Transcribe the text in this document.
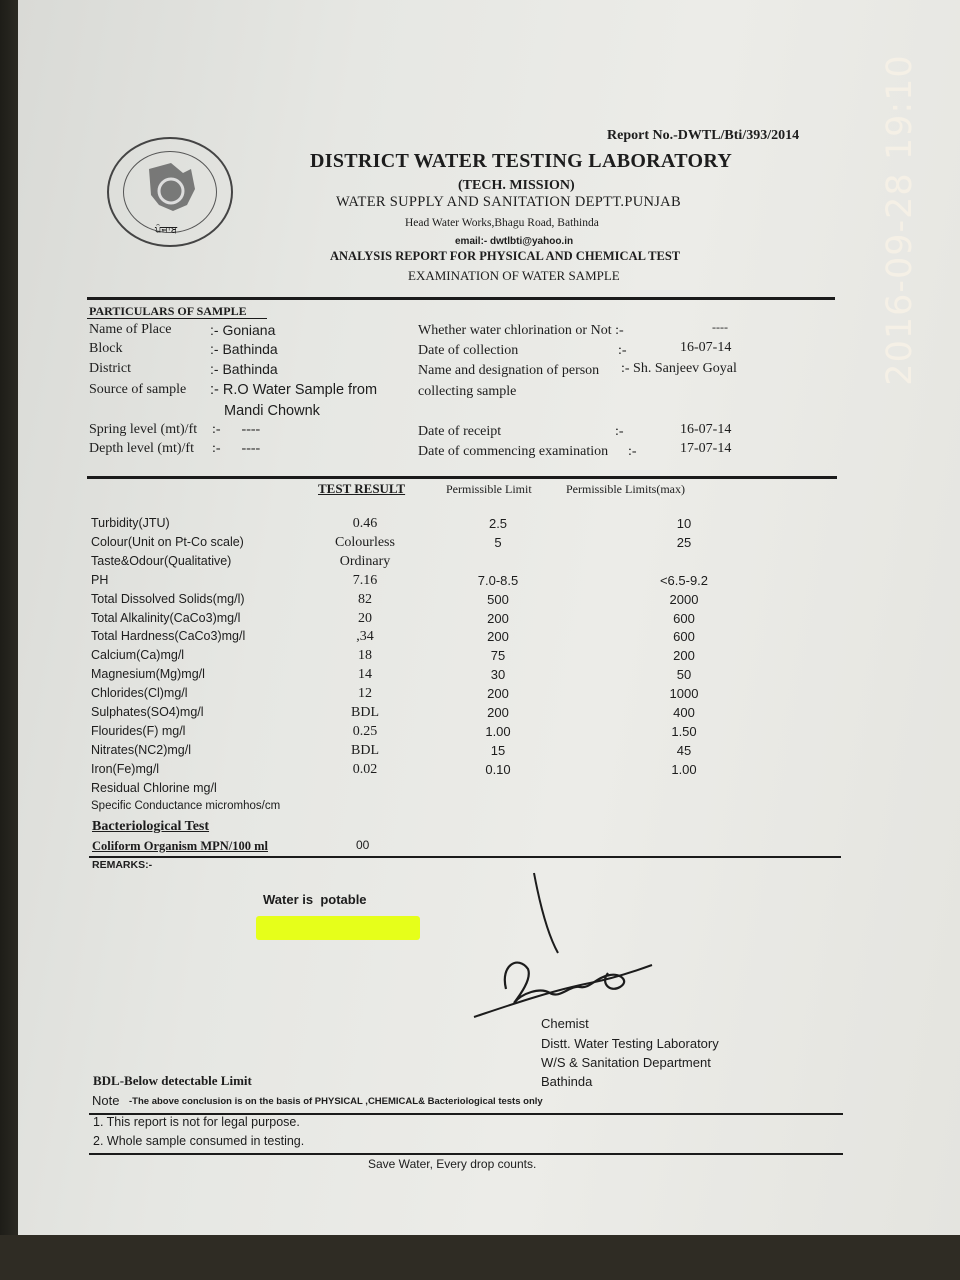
ਪੰਜਾਬ
Report No.-DWTL/Bti/393/2014
DISTRICT WATER TESTING LABORATORY
(TECH. MISSION)
WATER SUPPLY AND SANITATION DEPTT.PUNJAB
Head Water Works,Bhagu Road, Bathinda
email:- dwtlbti@yahoo.in
ANALYSIS REPORT FOR PHYSICAL AND CHEMICAL TEST
EXAMINATION OF WATER SAMPLE
PARTICULARS OF SAMPLE
Name of Place	:- Goniana
Block	:- Bathinda
District	:- Bathinda
Source of sample :- R.O Water Sample from
Mandi Chownk
Spring level (mt)/ft :-      ----
Depth level (mt)/ft :-      ----
Whether water chlorination or Not :-	----
Date of collection	:-	16-07-14
Name and designation of person :- Sh. Sanjeev Goyal
collecting sample
Date of receipt	:-	16-07-14
Date of commencing examination :-	17-07-14
TEST RESULT	Permissible Limit	Permissible Limits(max)
Turbidity(JTU)	0.46	2.5	10
Colour(Unit on Pt-Co scale)	Colourless	5	25
Taste&Odour(Qualitative)	Ordinary
PH	7.16	7.0-8.5	<6.5-9.2
Total Dissolved Solids(mg/l)	82	500	2000
Total Alkalinity(CaCo3)mg/l	20	200	600
Total Hardness(CaCo3)mg/l	,34	200	600
Calcium(Ca)mg/l	18	75	200
Magnesium(Mg)mg/l	14	30	50
Chlorides(Cl)mg/l	12	200	1000
Sulphates(SO4)mg/l	BDL	200	400
Flourides(F) mg/l	0.25	1.00	1.50
Nitrates(NC2)mg/l	BDL	15	45
Iron(Fe)mg/l	0.02	0.10	1.00
Residual Chlorine mg/l
Specific Conductance micromhos/cm
Bacteriological Test
Coliform Organism MPN/100 ml	00
REMARKS:-
Water is  potable
Chemist
Distt. Water Testing Laboratory
W/S & Sanitation Department
Bathinda
BDL-Below detectable Limit
Note -The above conclusion is on the basis of PHYSICAL ,CHEMICAL& Bacteriological tests only
1. This report is not for legal purpose.
2. Whole sample consumed in testing.
Save Water, Every drop counts.
2016-09-28 19:10
